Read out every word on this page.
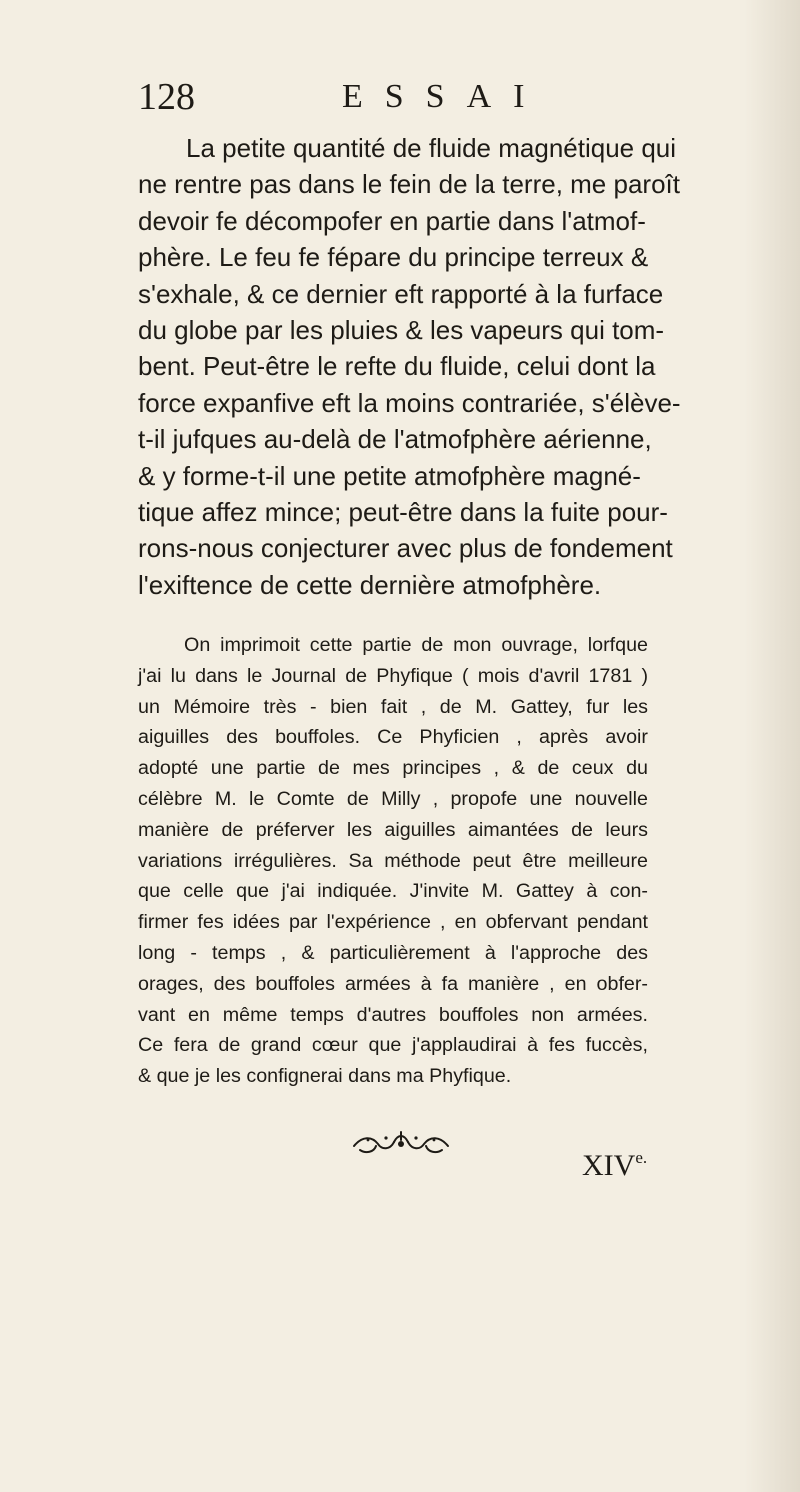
128	ESSAI

La petite quantité de fluide magnétique qui
ne rentre pas dans le fein de la terre, me paroît
devoir fe décompofer en partie dans l'atmof-
phère. Le feu fe fépare du principe terreux &
s'exhale, & ce dernier eft rapporté à la furface
du globe par les pluies & les vapeurs qui tom-
bent. Peut-être le refte du fluide, celui dont la
force expanfive eft la moins contrariée, s'élève-
t-il jufques au-delà de l'atmofphère aérienne,
& y forme-t-il une petite atmofphère magné-
tique affez mince; peut-être dans la fuite pour-
rons-nous conjecturer avec plus de fondement
l'exiftence de cette dernière atmofphère.

On imprimoit cette partie de mon ouvrage, lorfque
j'ai lu dans le Journal de Phyfique ( mois d'avril 1781 )
un Mémoire très - bien fait , de M. Gattey, fur les
aiguilles des bouffoles. Ce Phyficien , après avoir
adopté une partie de mes principes , & de ceux du
célèbre M. le Comte de Milly , propofe une nouvelle
manière de préferver les aiguilles aimantées de leurs
variations irrégulières. Sa méthode peut être meilleure
que celle que j'ai indiquée. J'invite M. Gattey à con-
firmer fes idées par l'expérience , en obfervant pendant
long - temps , & particulièrement à l'approche des
orages, des bouffoles armées à fa manière , en obfer-
vant en même temps d'autres bouffoles non armées.
Ce fera de grand cœur que j'applaudirai à fes fuccès,
& que je les confignerai dans ma Phyfique.

$XIV^{e.}$
